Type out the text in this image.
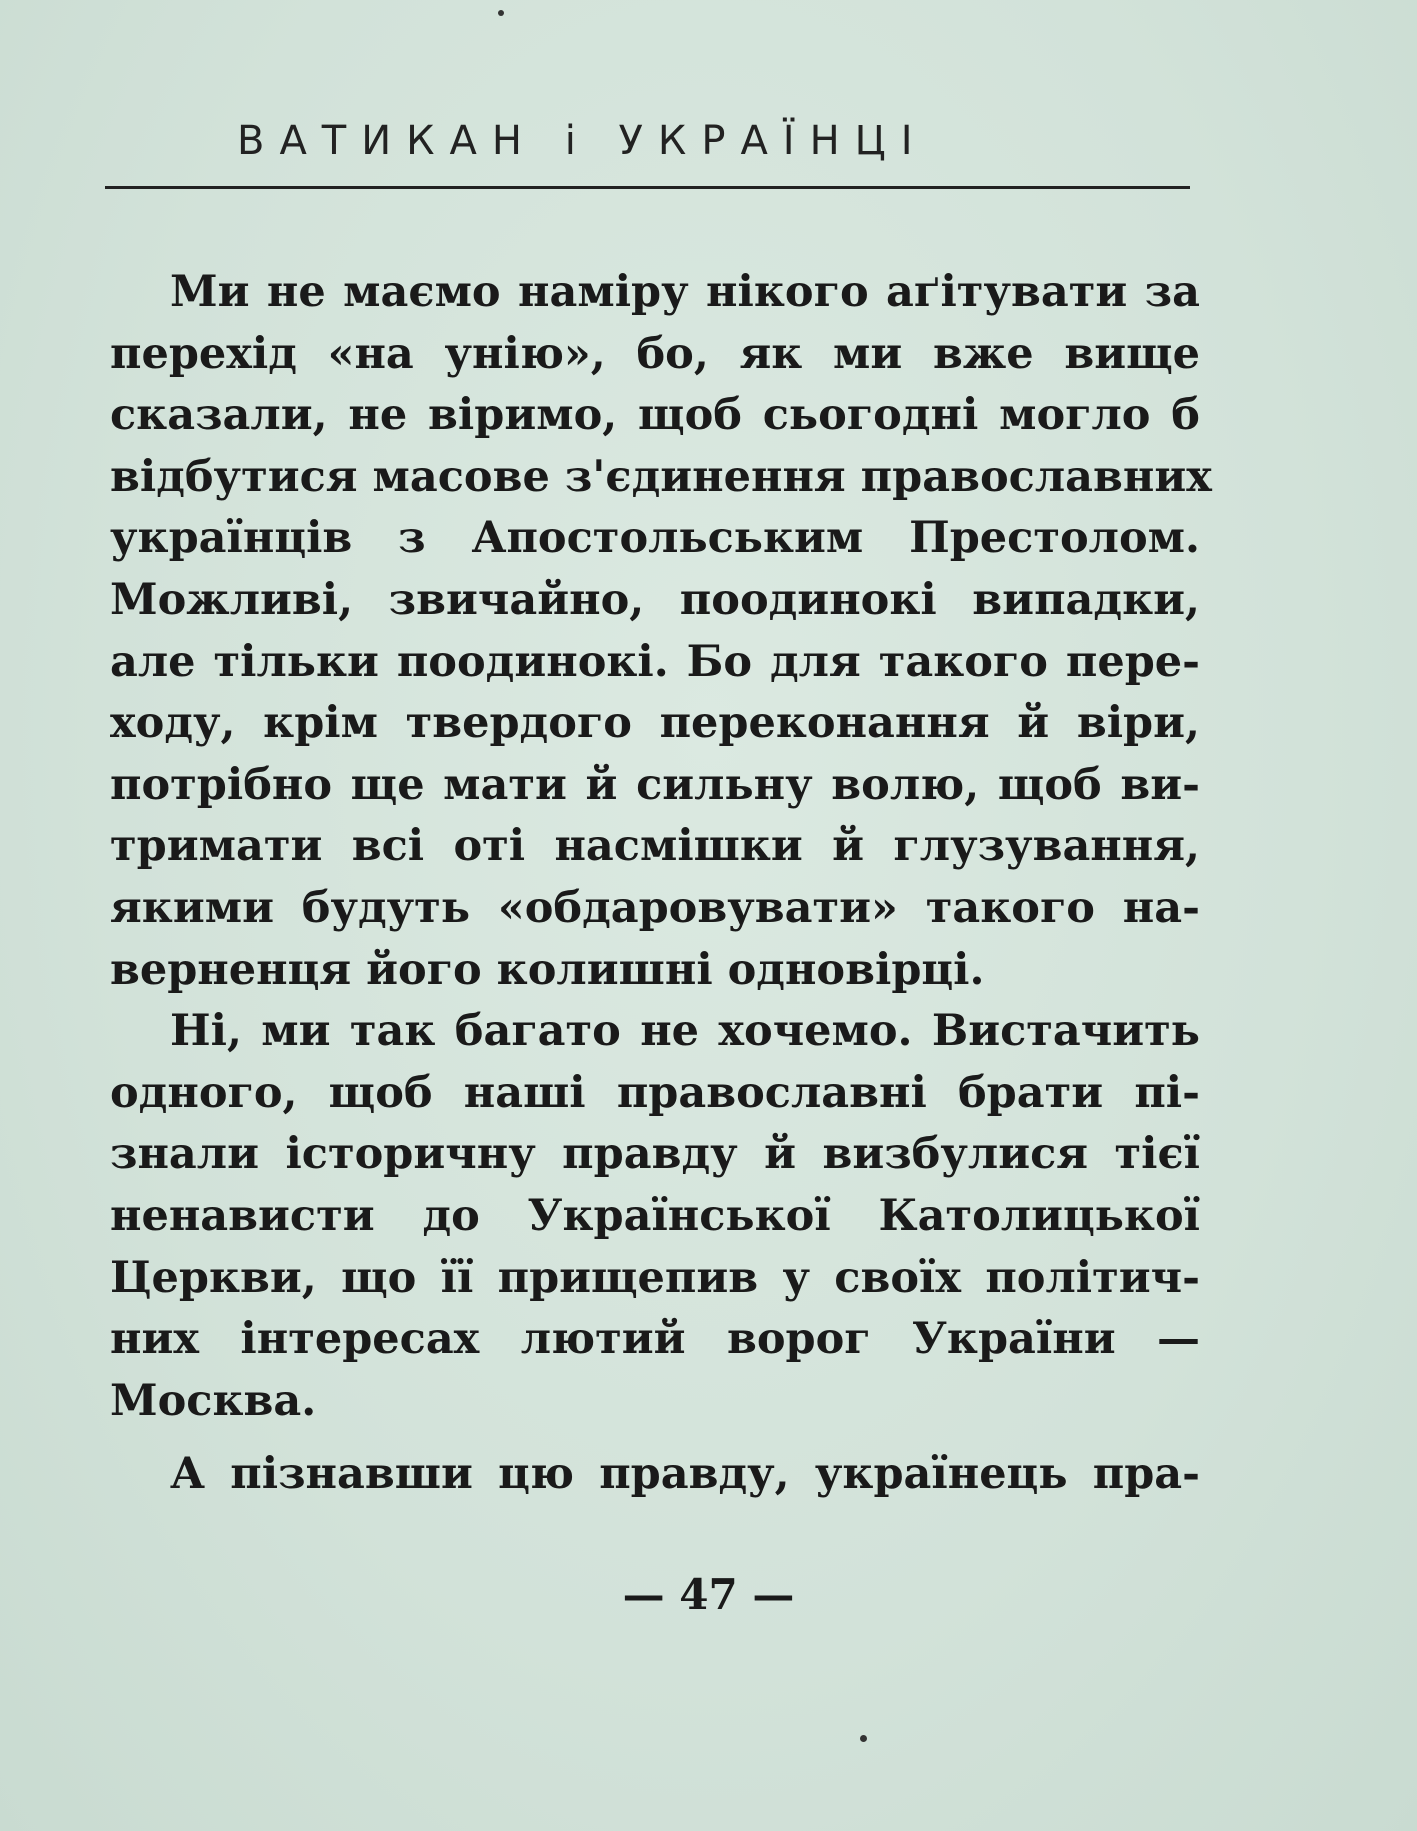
ВАТИКАН і УКРАЇНЦІ
Ми не маємо наміру нікого аґітувати за
перехід «на унію», бо, як ми вже вище
сказали, не віримо, щоб сьогодні могло б
відбутися масове з'єдинення православних
українців з Апостольським Престолом.
Можливі, звичайно, поодинокі випадки,
але тільки поодинокі. Бо для такого пере-
ходу, крім твердого переконання й віри,
потрібно ще мати й сильну волю, щоб ви-
тримати всі оті насмішки й глузування,
якими будуть «обдаровувати» такого на-
верненця його колишні одновірці.
Ні, ми так багато не хочемо. Вистачить
одного, щоб наші православні брати пі-
знали історичну правду й визбулися тієї
ненависти до Української Католицької
Церкви, що її прищепив у своїх політич-
них інтересах лютий ворог України —
Москва.
А пізнавши цю правду, українець пра-
— 47 —
